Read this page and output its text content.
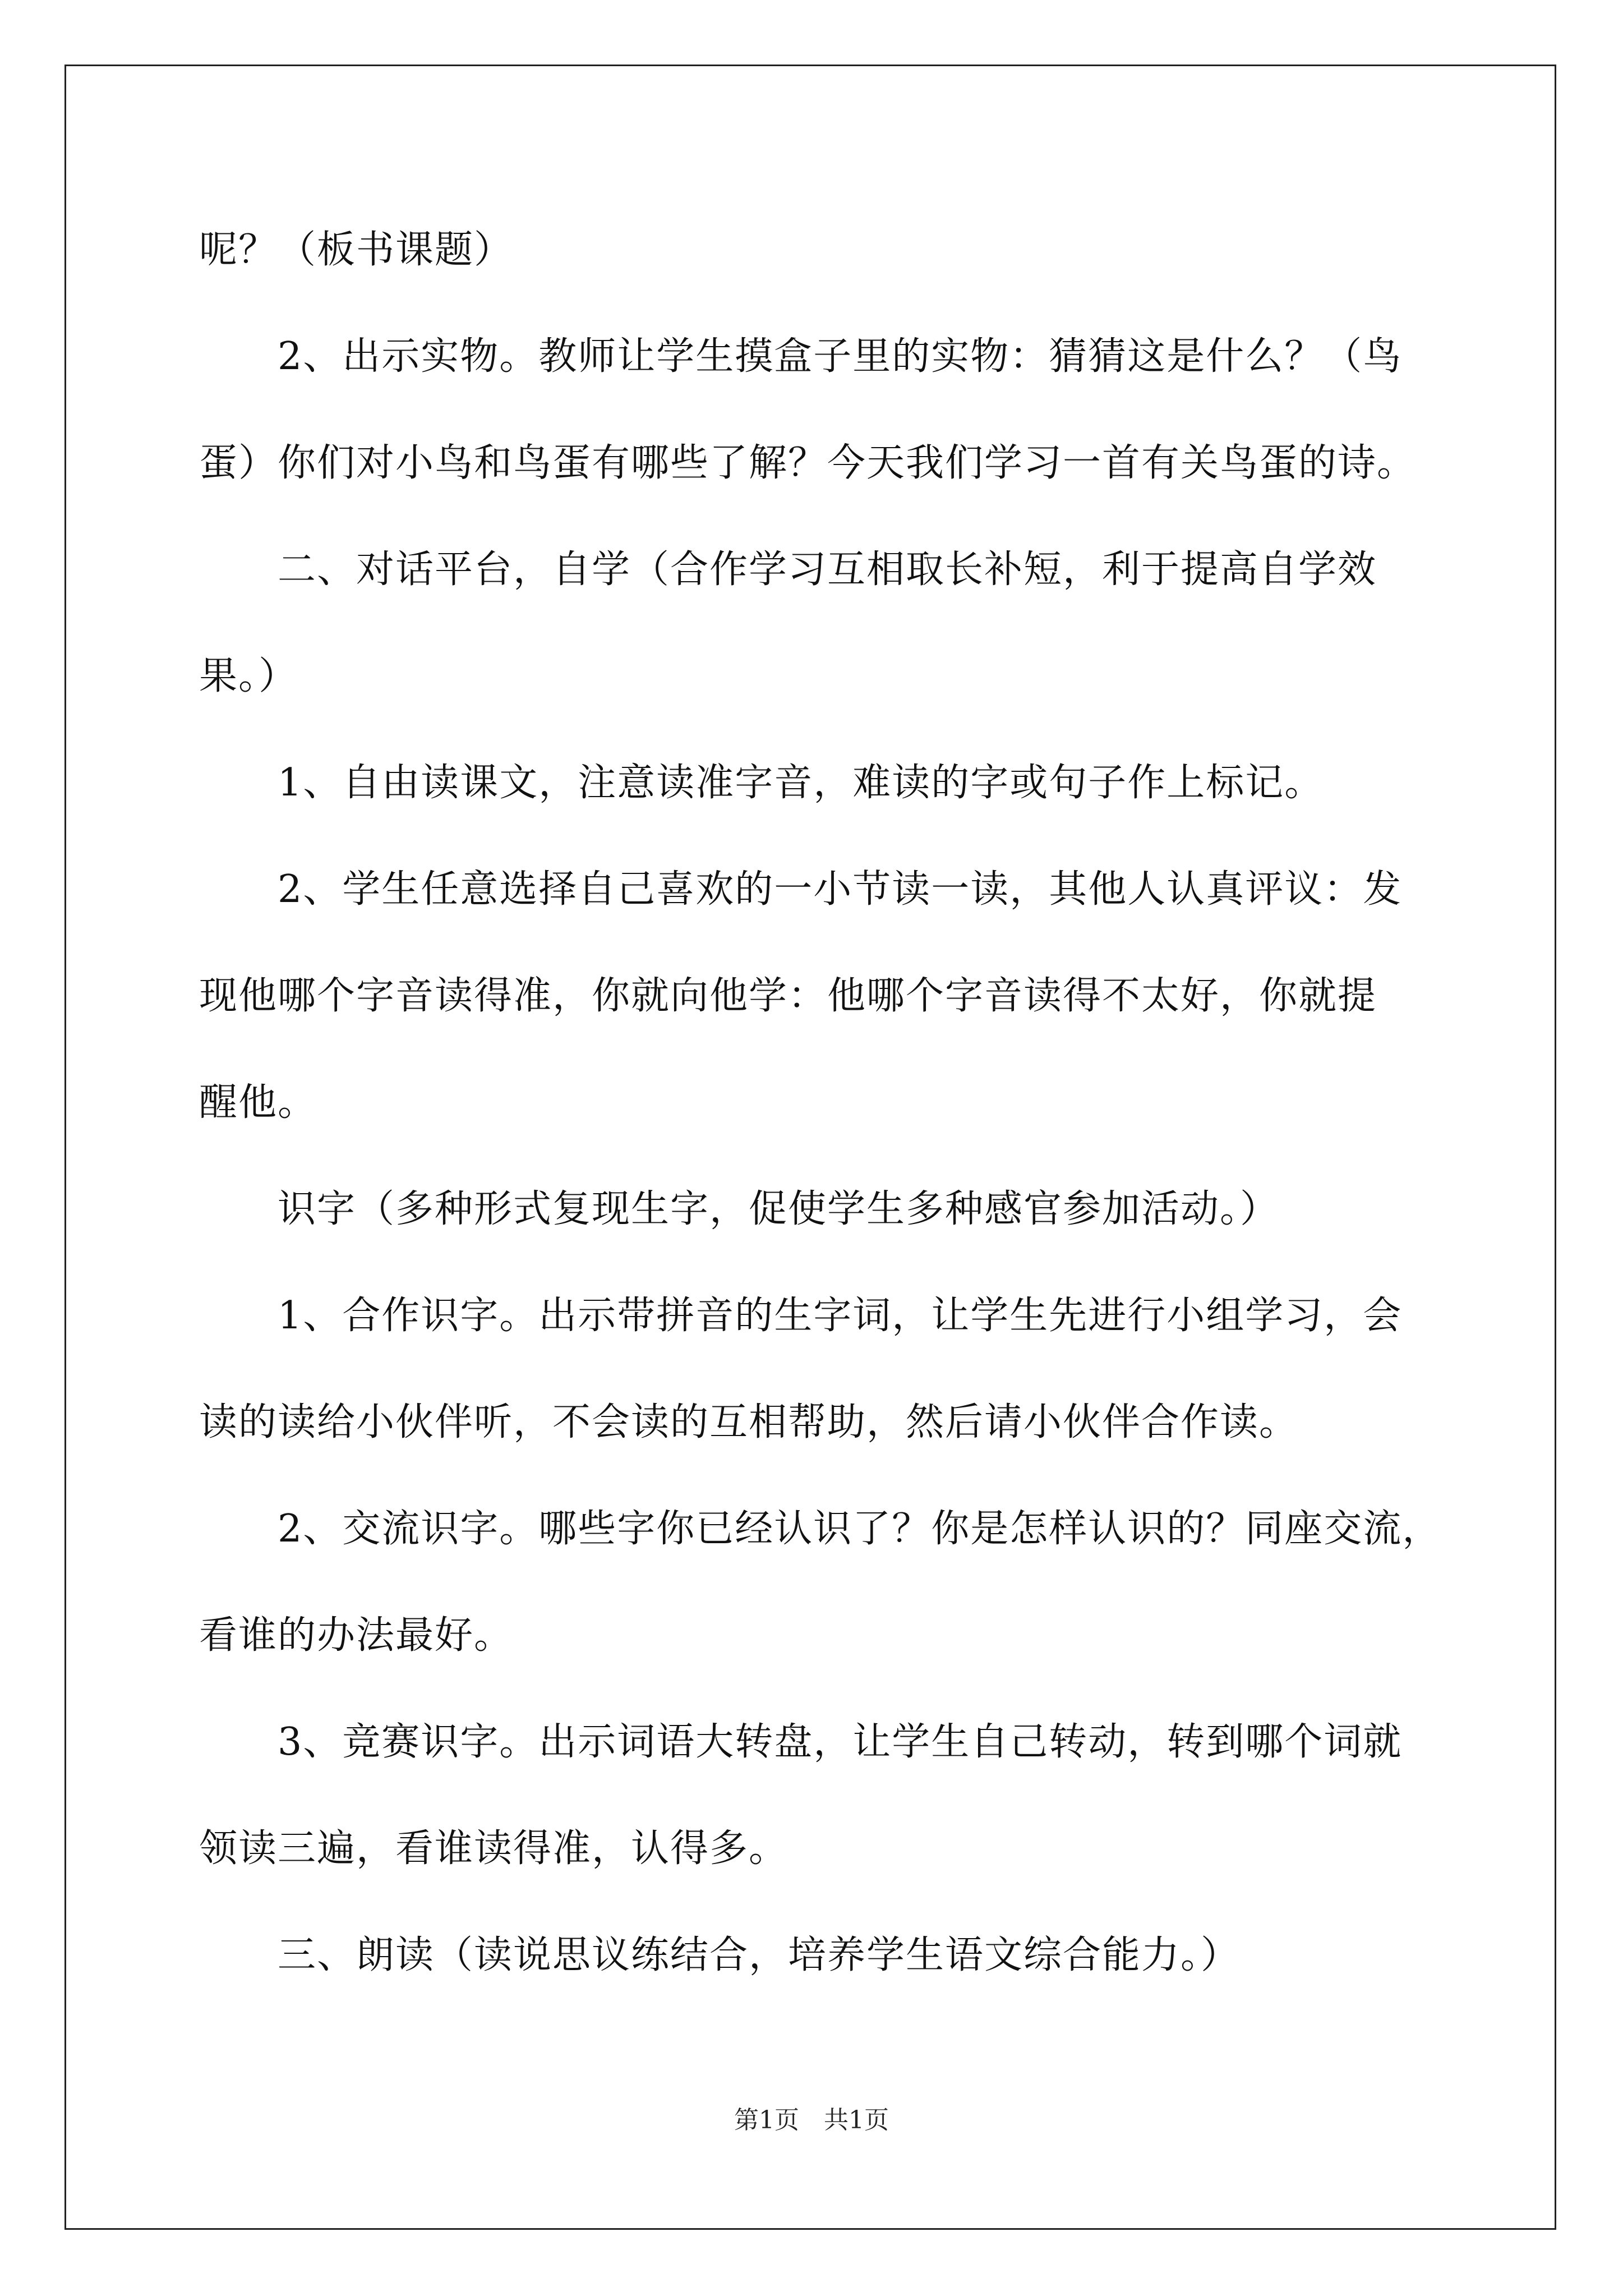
呢？（板书课题）

2、出示实物。教师让学生摸盒子里的实物：猜猜这是什么？（鸟

蛋）你们对小鸟和鸟蛋有哪些了解？今天我们学习一首有关鸟蛋的诗。

二、对话平台，自学（合作学习互相取长补短，利于提高自学效

果。）

1、自由读课文，注意读准字音，难读的字或句子作上标记。

2、学生任意选择自己喜欢的一小节读一读，其他人认真评议：发

现他哪个字音读得准，你就向他学：他哪个字音读得不太好，你就提

醒他。

识字（多种形式复现生字，促使学生多种感官参加活动。）

1、合作识字。出示带拼音的生字词，让学生先进行小组学习，会

读的读给小伙伴听，不会读的互相帮助，然后请小伙伴合作读。

2、交流识字。哪些字你已经认识了？你是怎样认识的？同座交流，

看谁的办法最好。

3、竞赛识字。出示词语大转盘，让学生自己转动，转到哪个词就

领读三遍，看谁读得准，认得多。

三、朗读（读说思议练结合，培养学生语文综合能力。）

第1页　共1页
